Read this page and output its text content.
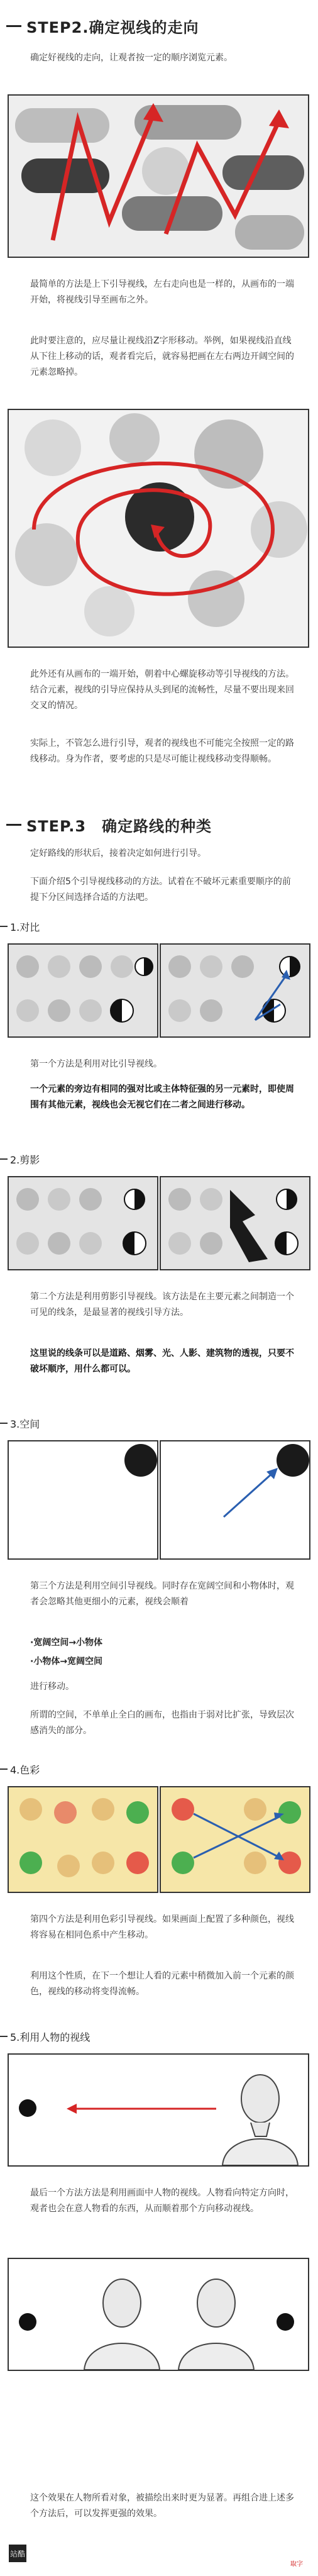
STEP2.确定视线的走向

确定好视线的走向，让观者按一定的顺序浏览元素。

最简单的方法是上下引导视线，左右走向也是一样的，从画布的一端开始，将视线引导至画布之外。

此时要注意的，应尽量让视线沿Z字形移动。举例，如果视线沿直线从下往上移动的话，观者看完后，就容易把画在左右两边开阔空间的元素忽略掉。

此外还有从画布的一端开始，朝着中心螺旋移动等引导视线的方法。结合元素，视线的引导应保持从头到尾的流畅性，尽量不要出现来回交叉的情况。

实际上，不管怎么进行引导，观者的视线也不可能完全按照一定的路线移动。身为作者，要考虑的只是尽可能让视线移动变得顺畅。

STEP.3　确定路线的种类

定好路线的形状后，接着决定如何进行引导。

下面介绍5个引导视线移动的方法。试着在不破坏元素重要顺序的前提下分区间选择合适的方法吧。

1.对比

第一个方法是利用对比引导视线。

一个元素的旁边有相同的强对比或主体特征强的另一元素时，即使周围有其他元素，视线也会无视它们在二者之间进行移动。

2.剪影

第二个方法是利用剪影引导视线。该方法是在主要元素之间制造一个可见的线条，是最显著的视线引导方法。

这里说的线条可以是道路、烟雾、光、人影、建筑物的透视，只要不破坏顺序，用什么都可以。

3.空间

第三个方法是利用空间引导视线。同时存在宽阔空间和小物体时，观者会忽略其他更细小的元素，视线会顺着

·宽阔空间→小物体
·小物体→宽阔空间

进行移动。

所谓的空间，不单单止全白的画布，也指由于弱对比扩张，导致层次感消失的部分。

4.色彩

第四个方法是利用色彩引导视线。如果画面上配置了多种颜色，视线将容易在相同色系中产生移动。

利用这个性质，在下一个想让人看的元素中稍微加入前一个元素的颜色，视线的移动将变得流畅。

5.利用人物的视线

最后一个方法方法是利用画面中人物的视线。人物看向特定方向时，观者也会在意人物看的东西，从而顺着那个方向移动视线。

这个效果在人物所看对象，被描绘出来时更为显著。再组合进上述多个方法后，可以发挥更强的效果。

站酷
取字
